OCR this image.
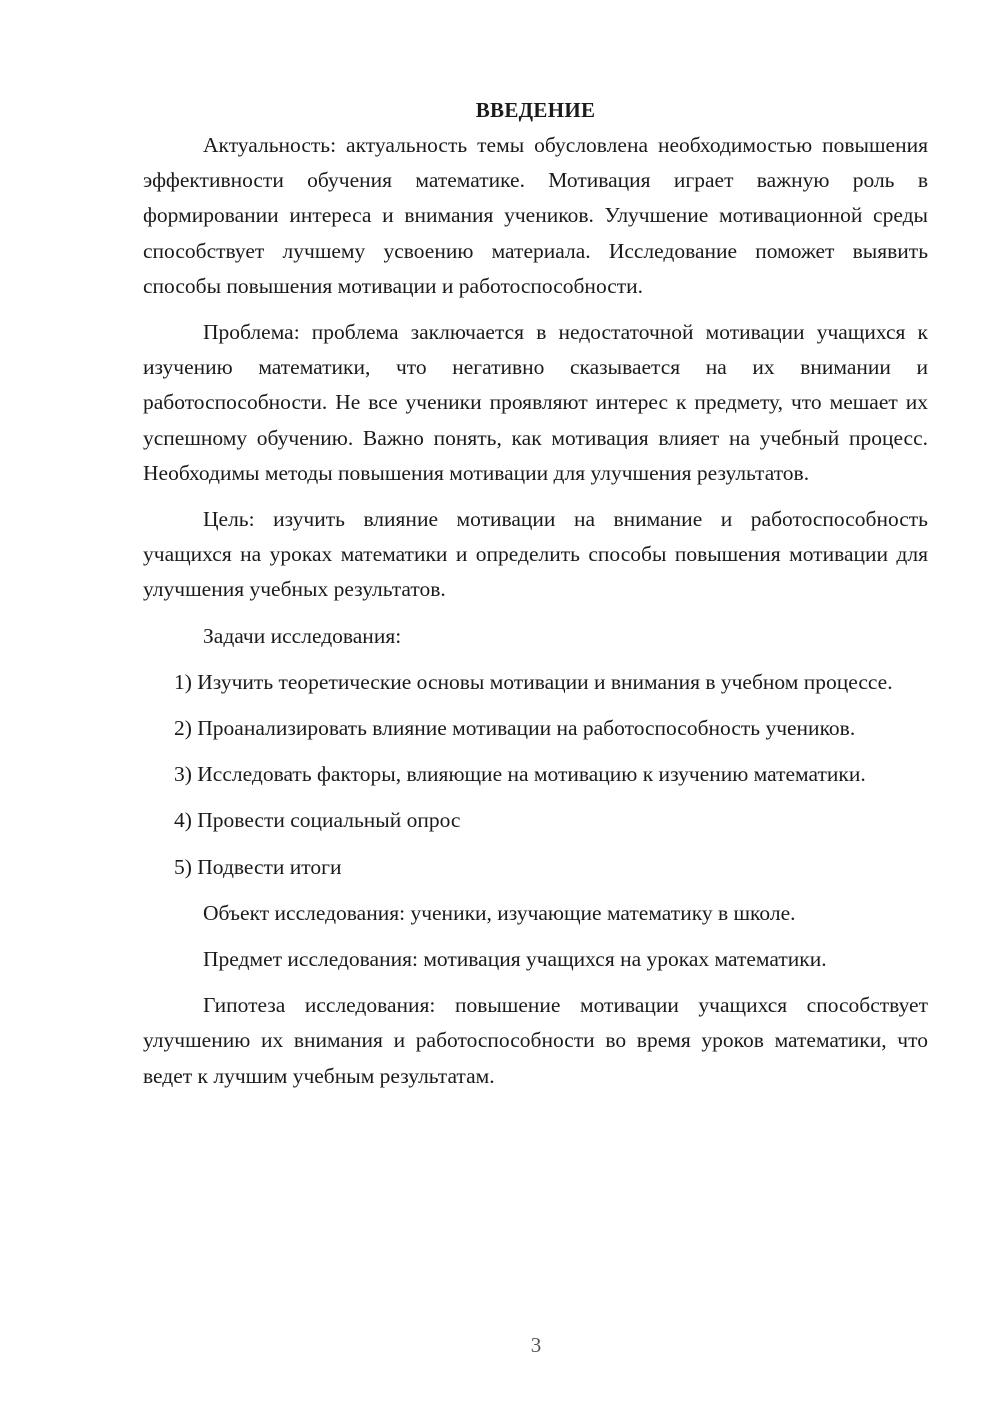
ВВЕДЕНИЕ

Актуальность: актуальность темы обусловлена необходимостью повышения эффективности обучения математике. Мотивация играет важную роль в формировании интереса и внимания учеников. Улучшение мотивационной среды способствует лучшему усвоению материала. Исследование поможет выявить способы повышения мотивации и работоспособности.

Проблема: проблема заключается в недостаточной мотивации учащихся к изучению математики, что негативно сказывается на их внимании и работоспособности. Не все ученики проявляют интерес к предмету, что мешает их успешному обучению. Важно понять, как мотивация влияет на учебный процесс. Необходимы методы повышения мотивации для улучшения результатов.

Цель: изучить влияние мотивации на внимание и работоспособность учащихся на уроках математики и определить способы повышения мотивации для улучшения учебных результатов.

Задачи исследования:

1) Изучить теоретические основы мотивации и внимания в учебном процессе.

2) Проанализировать влияние мотивации на работоспособность учеников.

3) Исследовать факторы, влияющие на мотивацию к изучению математики.

4) Провести социальный опрос

5) Подвести итоги

Объект исследования: ученики, изучающие математику в школе.

Предмет исследования: мотивация учащихся на уроках математики.

Гипотеза исследования: повышение мотивации учащихся способствует улучшению их внимания и работоспособности во время уроков математики, что ведет к лучшим учебным результатам.

3
